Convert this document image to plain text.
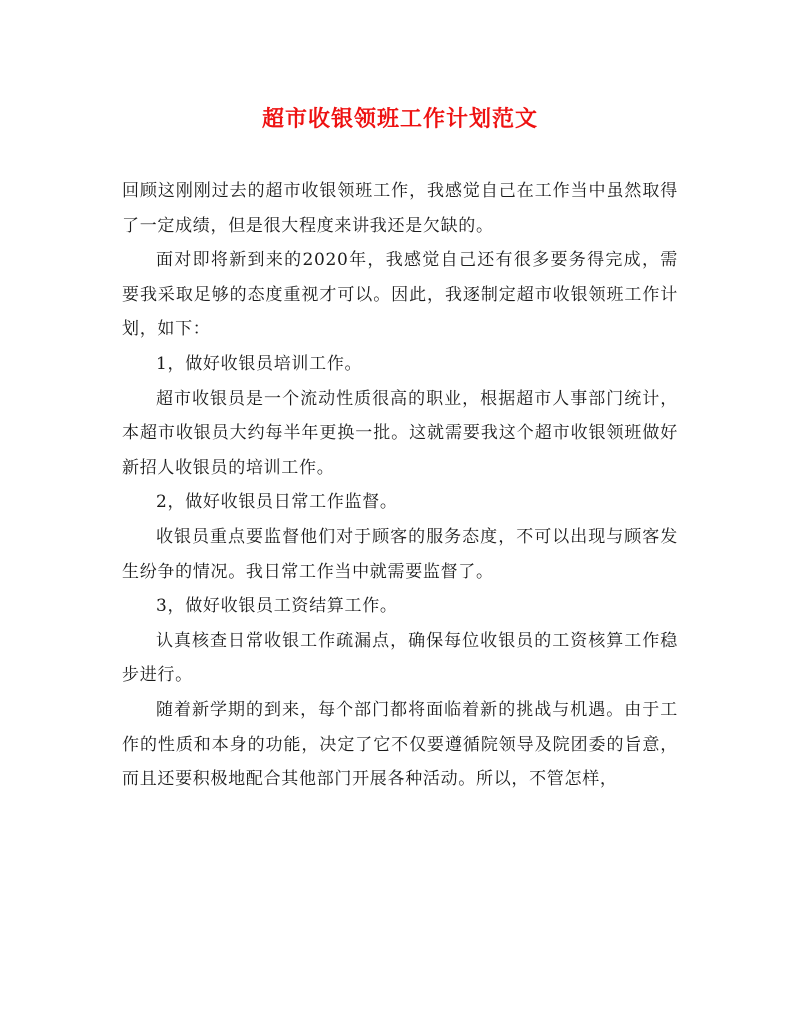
超市收银领班工作计划范文

回顾这刚刚过去的超市收银领班工作，我感觉自己在工作当中虽然取得了一定成绩，但是很大程度来讲我还是欠缺的。

面对即将新到来的2020年，我感觉自己还有很多要务得完成，需要我采取足够的态度重视才可以。因此，我逐制定超市收银领班工作计划，如下：

1，做好收银员培训工作。

超市收银员是一个流动性质很高的职业，根据超市人事部门统计，本超市收银员大约每半年更换一批。这就需要我这个超市收银领班做好新招人收银员的培训工作。

2，做好收银员日常工作监督。

收银员重点要监督他们对于顾客的服务态度，不可以出现与顾客发生纷争的情况。我日常工作当中就需要监督了。

3，做好收银员工资结算工作。

认真核查日常收银工作疏漏点，确保每位收银员的工资核算工作稳步进行。

随着新学期的到来，每个部门都将面临着新的挑战与机遇。由于工作的性质和本身的功能，决定了它不仅要遵循院领导及院团委的旨意，而且还要积极地配合其他部门开展各种活动。所以，不管怎样，
